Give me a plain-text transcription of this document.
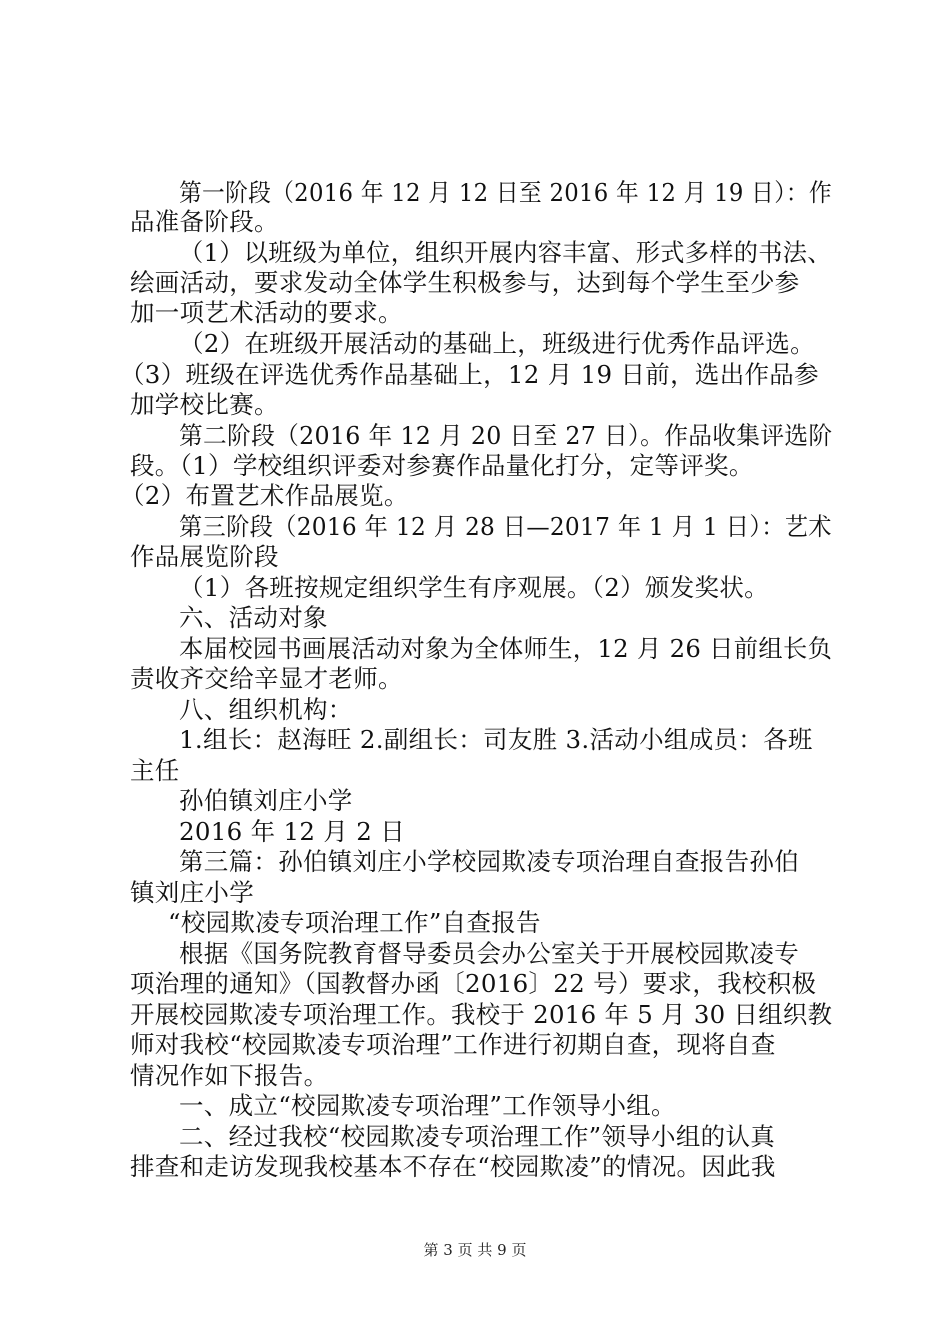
第一阶段（2016 年 12 月 12 日至 2016 年 12 月 19 日）：作
品准备阶段。
（1）以班级为单位，组织开展内容丰富、形式多样的书法、
绘画活动，要求发动全体学生积极参与，达到每个学生至少参
加一项艺术活动的要求。
（2）在班级开展活动的基础上，班级进行优秀作品评选。
（3）班级在评选优秀作品基础上，12 月 19 日前，选出作品参
加学校比赛。
第二阶段（2016 年 12 月 20 日至 27 日）。作品收集评选阶
段。（1）学校组织评委对参赛作品量化打分，定等评奖。
（2）布置艺术作品展览。
第三阶段（2016 年 12 月 28 日—2017 年 1 月 1 日）：艺术
作品展览阶段
（1）各班按规定组织学生有序观展。（2）颁发奖状。
六、活动对象
本届校园书画展活动对象为全体师生，12 月 26 日前组长负
责收齐交给辛显才老师。
八、组织机构：
1.组长：赵海旺 2.副组长：司友胜 3.活动小组成员：各班
主任
孙伯镇刘庄小学
2016 年 12 月 2 日
第三篇：孙伯镇刘庄小学校园欺凌专项治理自查报告孙伯
镇刘庄小学
“校园欺凌专项治理工作”自查报告
根据《国务院教育督导委员会办公室关于开展校园欺凌专
项治理的通知》（国教督办函〔2016〕22 号）要求，我校积极
开展校园欺凌专项治理工作。我校于 2016 年 5 月 30 日组织教
师对我校“校园欺凌专项治理”工作进行初期自查，现将自查
情况作如下报告。
一、成立“校园欺凌专项治理”工作领导小组。
二、经过我校“校园欺凌专项治理工作”领导小组的认真
排查和走访发现我校基本不存在“校园欺凌”的情况。因此我
第 3 页 共 9 页
